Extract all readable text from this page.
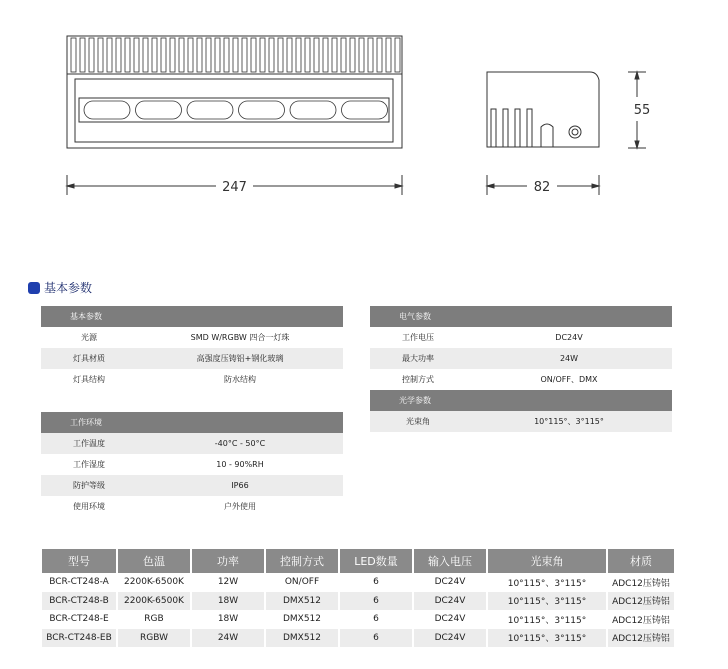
247	82
55
基本参数
基本参数
光源	SMD W/RGBW 四合一灯珠
灯具材质	高强度压铸铝+钢化玻璃
灯具结构	防水结构
电气参数
工作电压	DC24V
最大功率	24W
控制方式	ON/OFF、DMX
光学参数
光束角	10°115°、3°115°
工作环境
工作温度	-40°C - 50°C
工作湿度	10 - 90%RH
防护等级	IP66
使用环境	户外使用
型号	色温	功率	控制方式	LED数量	输入电压	光束角	材质
BCR-CT248-A	2200K-6500K	12W	ON/OFF	6	DC24V	10°115°、3°115°	ADC12压铸铝
BCR-CT248-B	2200K-6500K	18W	DMX512	6	DC24V	10°115°、3°115°	ADC12压铸铝
BCR-CT248-E	RGB	18W	DMX512	6	DC24V	10°115°、3°115°	ADC12压铸铝
BCR-CT248-EB	RGBW	24W	DMX512	6	DC24V	10°115°、3°115°	ADC12压铸铝
